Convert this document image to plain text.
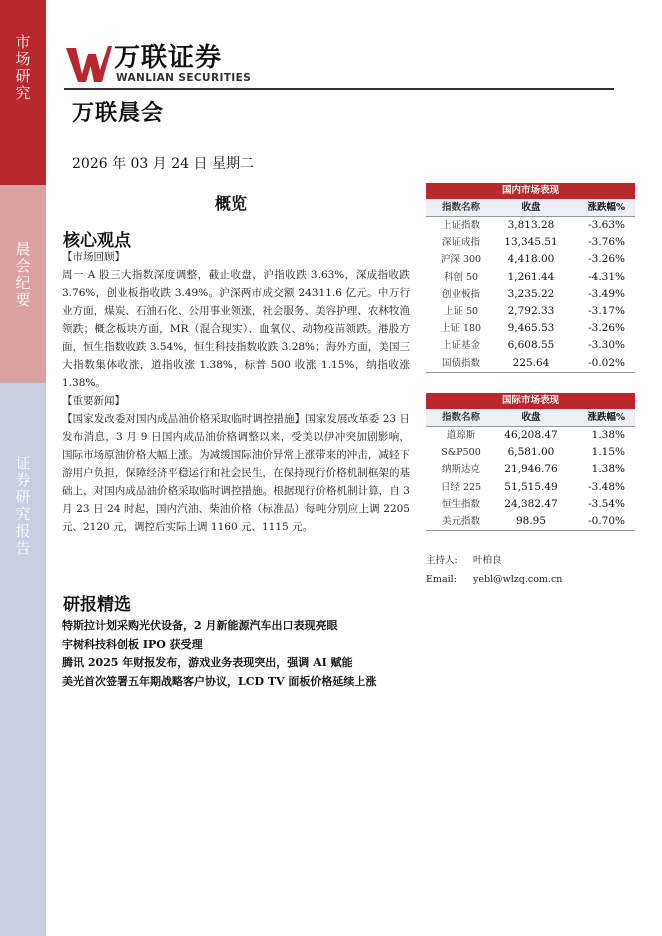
市场研究
晨会纪要
证券研究报告
万联证券
WANLIAN SECURITIES
万联晨会
2026 年 03 月 24 日 星期二
概览
核心观点

【市场回顾】

周一 A 股三大指数深度调整，截止收盘，沪指收跌 3.63%，深成指收跌 3.76%，创业板指收跌 3.49%。沪深两市成交额 24311.6 亿元。中万行业方面，煤炭、石油石化、公用事业领涨，社会服务、美容护理、农林牧渔领跌；概念板块方面，MR（混合现实）、血氧仪、动物疫苗领跌。港股方面，恒生指数收跌 3.54%，恒生科技指数收跌 3.28%；海外方面，美国三大指数集体收涨，道指收涨 1.38%，标普 500 收涨 1.15%，纳指收涨 1.38%。

【重要新闻】

【国家发改委对国内成品油价格采取临时调控措施】国家发展改革委 23 日发布消息，3 月 9 日国内成品油价格调整以来，受美以伊冲突加剧影响，国际市场原油价格大幅上涨。为减缓国际油价异常上涨带来的冲击，减轻下游用户负担，保障经济平稳运行和社会民生，在保持现行价格机制框架的基础上，对国内成品油价格采取临时调控措施。根据现行价格机制计算，自 3 月 23 日 24 时起，国内汽油、柴油价格（标准品）每吨分别应上调 2205 元、2120 元，调控后实际上调 1160 元、1115 元。

研报精选
特斯拉计划采购光伏设备，2 月新能源汽车出口表现亮眼
宇树科技科创板 IPO 获受理
腾讯 2025 年财报发布，游戏业务表现突出，强调 AI 赋能
美光首次签署五年期战略客户协议，LCD TV 面板价格延续上涨
国内市场表现
指数名称	收盘	涨跌幅%
上证指数	3,813.28	-3.63%
深证成指	13,345.51	-3.76%
沪深 300	4,418.00	-3.26%
科创 50	1,261.44	-4.31%
创业板指	3,235.22	-3.49%
上证 50	2,792.33	-3.17%
上证 180	9,465.53	-3.26%
上证基金	6,608.55	-3.30%
国债指数	225.64	-0.02%
国际市场表现
指数名称	收盘	涨跌幅%
道琼斯	46,208.47	1.38%
S&P500	6,581.00	1.15%
纳斯达克	21,946.76	1.38%
日经 225	51,515.49	-3.48%
恒生指数	24,382.47	-3.54%
美元指数	98.95	-0.70%
主持人: 叶柏良
Email: yebl@wlzq.com.cn
